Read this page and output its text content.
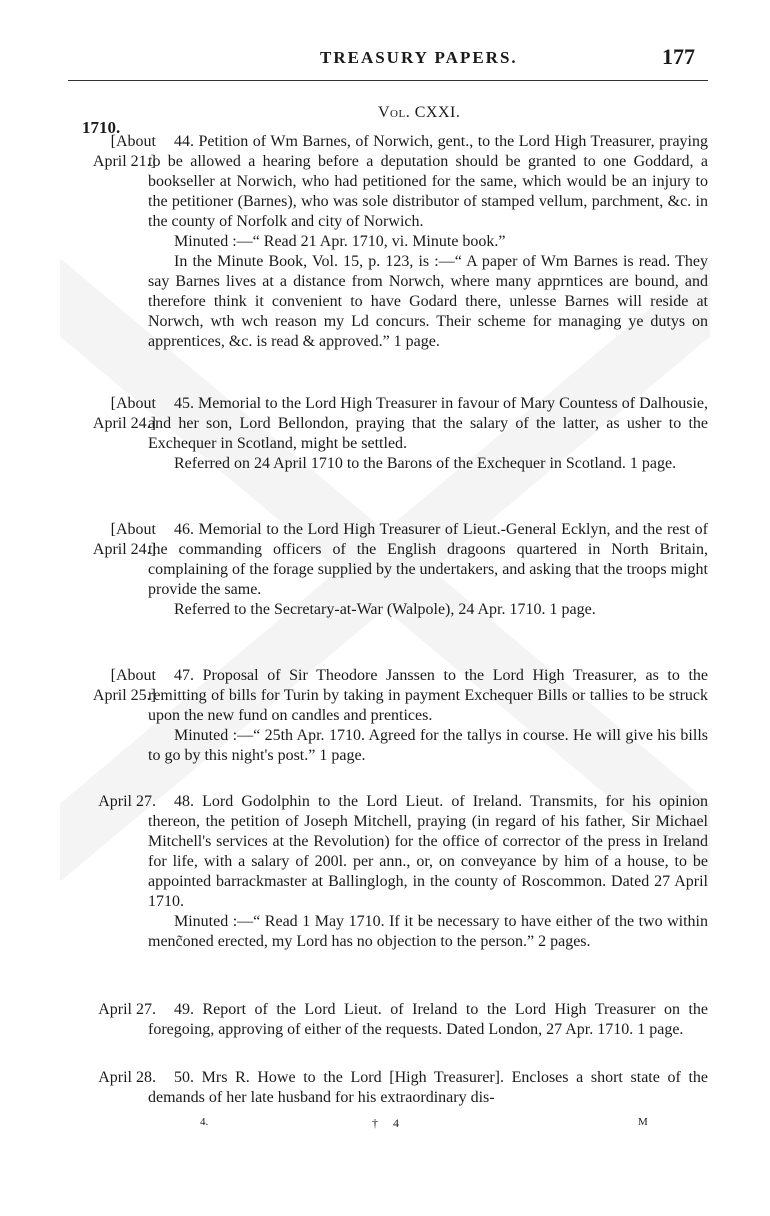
TREASURY PAPERS.	177
1710.
Vol. CXXI.
[About
April 21.]

44. Petition of Wm Barnes, of Norwich, gent., to the Lord High Treasurer, praying to be allowed a hearing before a deputation should be granted to one Goddard, a bookseller at Norwich, who had petitioned for the same, which would be an injury to the petitioner (Barnes), who was sole distributor of stamped vellum, parchment, &c. in the county of Norfolk and city of Norwich.

Minuted :—“ Read 21 Apr. 1710, vi. Minute book.”

In the Minute Book, Vol. 15, p. 123, is :—“ A paper of Wm Barnes is read. They say Barnes lives at a distance from Norwch, where many apprntices are bound, and therefore think it convenient to have Godard there, unlesse Barnes will reside at Norwch, wth wch reason my Ld concurs. Their scheme for managing ye dutys on apprentices, &c. is read & approved.” 1 page.

[About
April 24.]

45. Memorial to the Lord High Treasurer in favour of Mary Countess of Dalhousie, and her son, Lord Bellondon, praying that the salary of the latter, as usher to the Exchequer in Scotland, might be settled.

Referred on 24 April 1710 to the Barons of the Exchequer in Scotland. 1 page.

[About
April 24.]

46. Memorial to the Lord High Treasurer of Lieut.-General Ecklyn, and the rest of the commanding officers of the English dragoons quartered in North Britain, complaining of the forage supplied by the undertakers, and asking that the troops might provide the same.

Referred to the Secretary-at-War (Walpole), 24 Apr. 1710. 1 page.

[About
April 25.]

47. Proposal of Sir Theodore Janssen to the Lord High Treasurer, as to the remitting of bills for Turin by taking in payment Exchequer Bills or tallies to be struck upon the new fund on candles and prentices.

Minuted :—“ 25th Apr. 1710. Agreed for the tallys in course. He will give his bills to go by this night's post.” 1 page.

April 27.	48. Lord Godolphin to the Lord Lieut. of Ireland. Transmits, for his opinion thereon, the petition of Joseph Mitchell, praying (in regard of his father, Sir Michael Mitchell's services at the Revolution) for the office of corrector of the press in Ireland for life, with a salary of 200l. per ann., or, on conveyance by him of a house, to be appointed barrackmaster at Ballinglogh, in the county of Roscommon. Dated 27 April 1710.

Minuted :—“ Read 1 May 1710. If it be necessary to have either of the two within menc̃oned erected, my Lord has no objection to the person.” 2 pages.

April 27.	49. Report of the Lord Lieut. of Ireland to the Lord High Treasurer on the foregoing, approving of either of the requests. Dated London, 27 Apr. 1710. 1 page.

April 28.	50. Mrs R. Howe to the Lord [High Treasurer]. Encloses a short state of the demands of her late husband for his extraordinary dis-

4.	† 4	M
